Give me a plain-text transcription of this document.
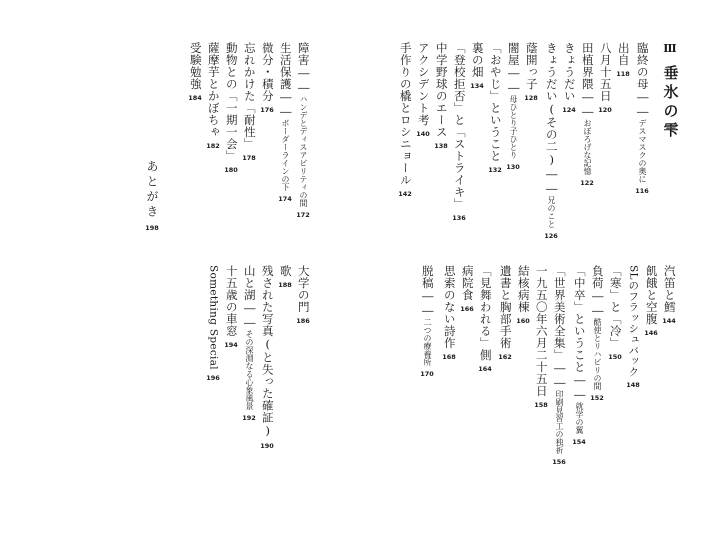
Ⅲ
垂氷の雫
臨終の母――
デスマスクの奥に
116
出自
118
八月十五日
120
田植界隈――
おぼろげな記憶
122
きょうだい
124
きょうだい(その二)――
兄のこと
126
蔭開っ子
128
闇屋――
母ひとり子ひとり
130
「おやじ」ということ
132
裏の畑
134
「登校拒否」と「ストライキ」
136
中学野球のエース
138
アクシデント考
140
手作りの橇とロシニョール
142
障害――
ハンデとディスアビリティの間
172
生活保護――
ボーダーラインの下
174
微分・積分
176
忘れかけた「耐性」
178
動物との「一期一会」
180
薩摩芋とかぼちゃ
182
受験勉強
184
あとがき
198
汽笛と鱈
144
飢餓と空腹
146
SLのフラッシュバック
148
「寒」と「冷」
150
負荷――
酷使とリハビリの間
152
「中卒」ということ――
就学の翼
154
「世界美術全集」――
印刷見習工の独祈
156
一九五〇年六月二十五日
158
結核病棟
160
遺書と胸部手術
162
「見舞われる」側
164
病院食
166
思索のない詩作
168
脱稿――
二つの療養所
170
大学の門
186
歌
188
残された写真(と失った確証)
190
山と湖――
その深淵なる心象風景
192
十五歳の車窓
194
Something Special
196
